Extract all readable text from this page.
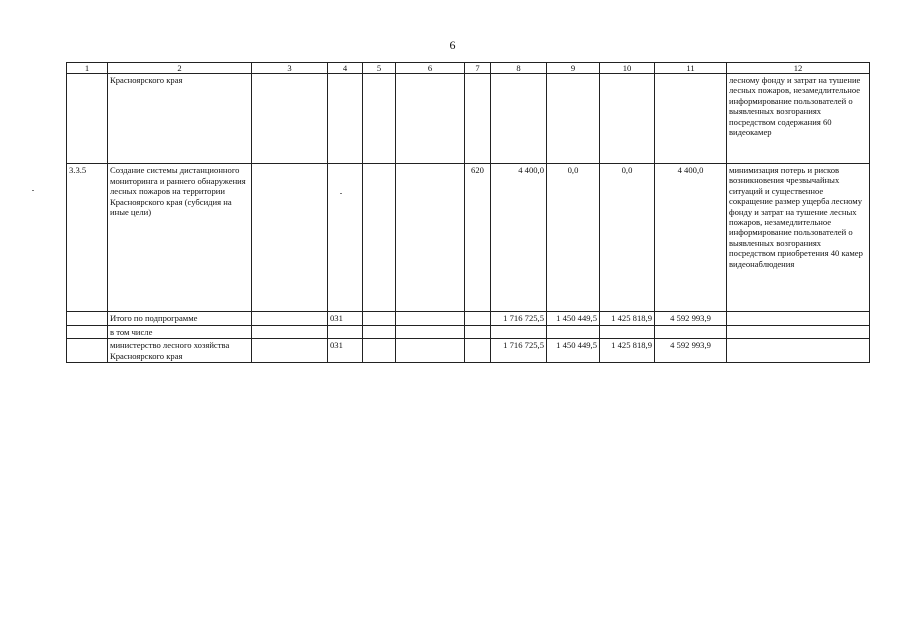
6
1	2	3	4	5	6	7	8	9	10	11	12
	Красноярского края										лесному фонду и затрат на тушение лесных пожаров, незамедлительное информирование пользователей о выявленных возгораниях посредством содержания 60 видеокамер
3.3.5	Создание системы дистанционного мониторинга и раннего обнаружения лесных пожаров на территории Красноярского края (субсидия на иные цели)					620	4 400,0	0,0	0,0	4 400,0	минимизация потерь и рисков возникновения чрезвычайных ситуаций и существенное сокращение размер ущерба лесному фонду и затрат на тушение лесных пожаров, незамедлительное информирование пользователей о выявленных возгораниях посредством приобретения 40 камер видеонаблюдения
	Итого по подпрограмме		031				1 716 725,5	1 450 449,5	1 425 818,9	4 592 993,9	
	в том числе										
	министерство лесного хозяйства Красноярского края		031				1 716 725,5	1 450 449,5	1 425 818,9	4 592 993,9	
